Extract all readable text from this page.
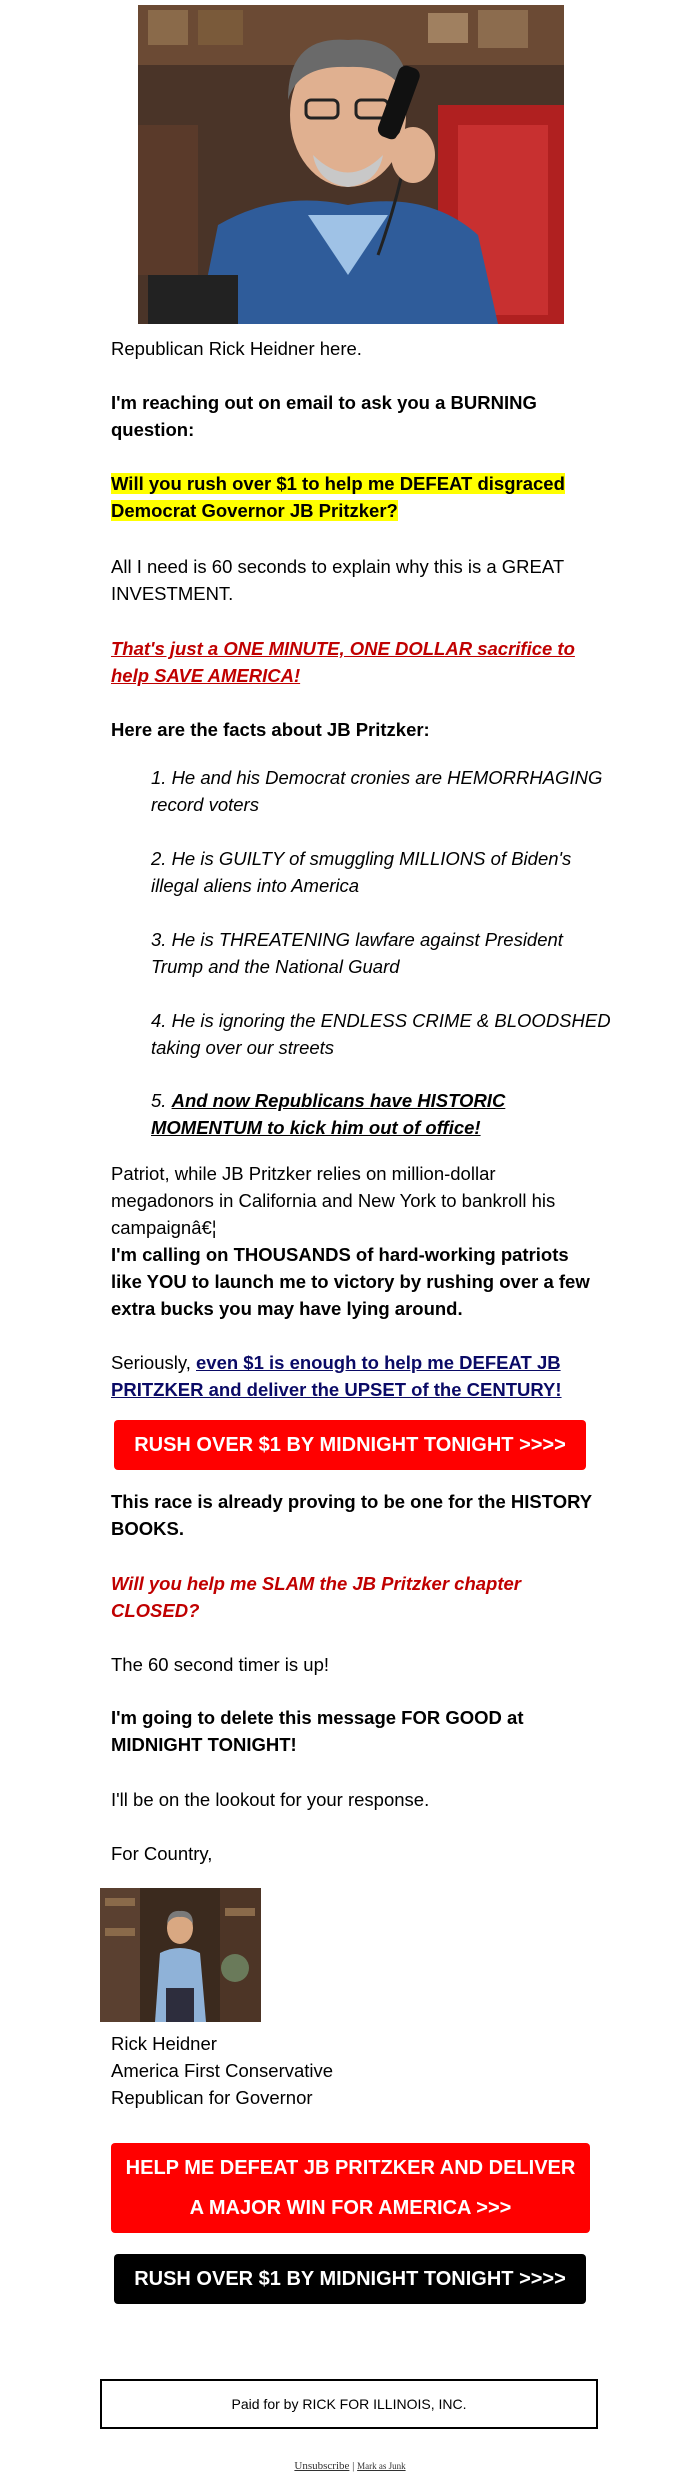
Republican Rick Heidner here.

I'm reaching out on email to ask you a BURNING question:

Will you rush over $1 to help me DEFEAT disgraced Democrat Governor JB Pritzker?

All I need is 60 seconds to explain why this is a GREAT INVESTMENT.

That's just a ONE MINUTE, ONE DOLLAR sacrifice to help SAVE AMERICA!

Here are the facts about JB Pritzker:

1. He and his Democrat cronies are HEMORRHAGING record voters

2. He is GUILTY of smuggling MILLIONS of Biden's illegal aliens into America

3. He is THREATENING lawfare against President Trump and the National Guard

4. He is ignoring the ENDLESS CRIME & BLOODSHED taking over our streets

5. And now Republicans have HISTORIC MOMENTUM to kick him out of office!

Patriot, while JB Pritzker relies on million-dollar megadonors in California and New York to bankroll his campaignâ€¦

I'm calling on THOUSANDS of hard-working patriots like YOU to launch me to victory by rushing over a few extra bucks you may have lying around.

Seriously, even $1 is enough to help me DEFEAT JB PRITZKER and deliver the UPSET of the CENTURY!

RUSH OVER $1 BY MIDNIGHT TONIGHT >>>>

This race is already proving to be one for the HISTORY BOOKS.

Will you help me SLAM the JB Pritzker chapter CLOSED?

The 60 second timer is up!

I'm going to delete this message FOR GOOD at MIDNIGHT TONIGHT!

I'll be on the lookout for your response.

For Country,

Rick Heidner

America First Conservative

Republican for Governor

HELP ME DEFEAT JB PRITZKER AND DELIVER A MAJOR WIN FOR AMERICA >>>
RUSH OVER $1 BY MIDNIGHT TONIGHT >>>>
Paid for by RICK FOR ILLINOIS, INC.
Unsubscribe | Mark as Junk
